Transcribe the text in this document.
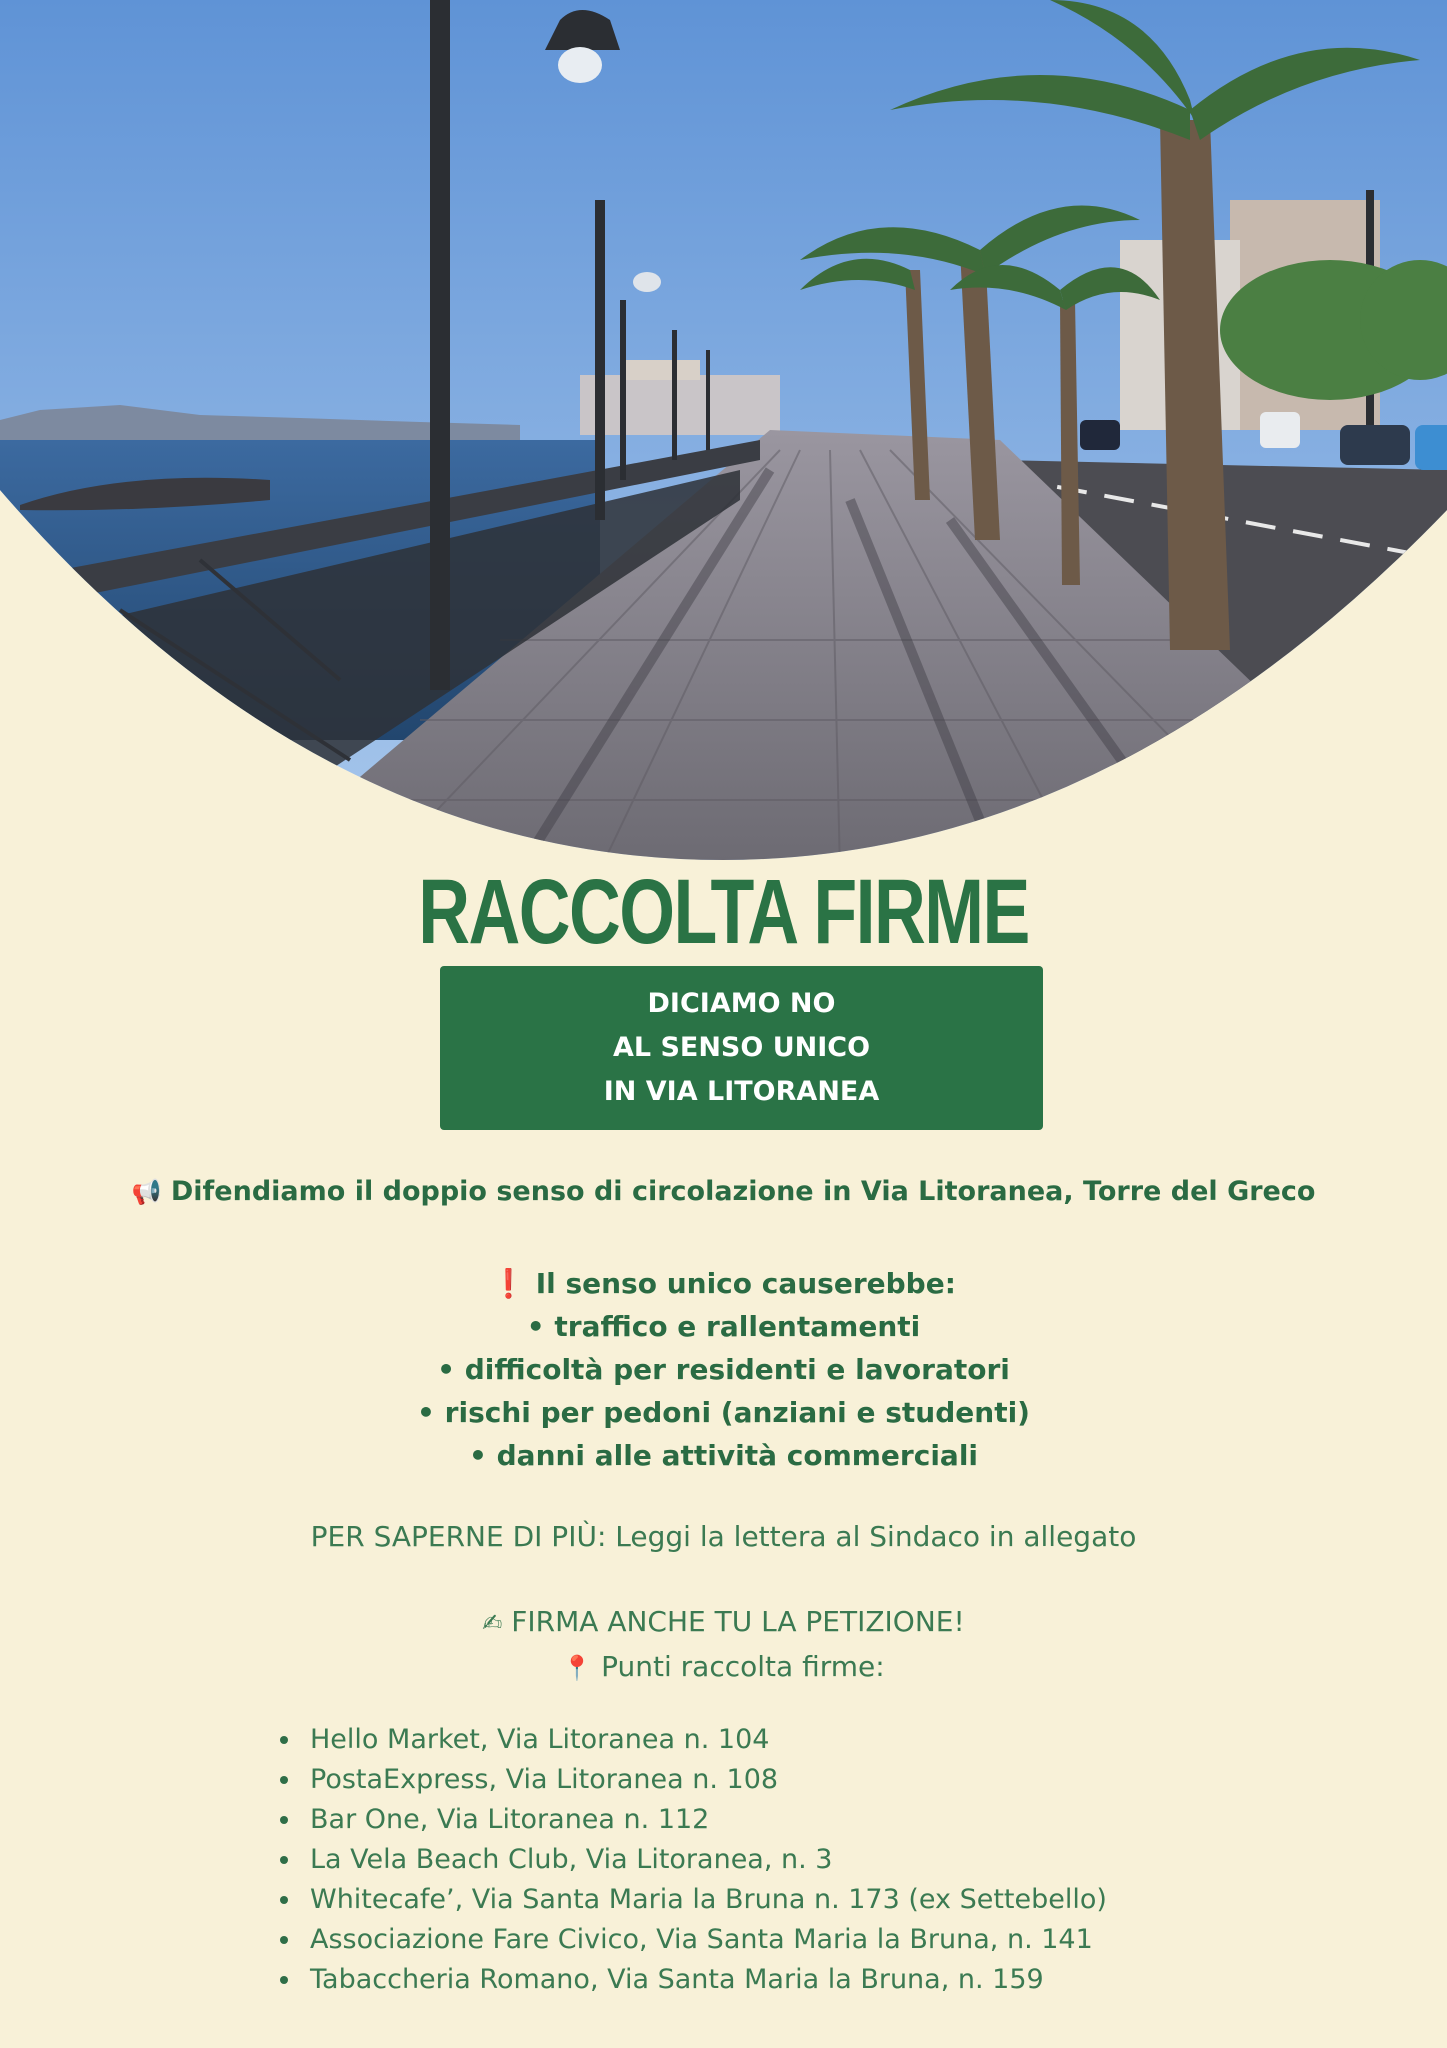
RACCOLTA FIRME
DICIAMO NO
AL SENSO UNICO
IN VIA LITORANEA
📢 Difendiamo il doppio senso di circolazione in Via Litoranea, Torre del Greco
❗ Il senso unico causerebbe:
• traffico e rallentamenti
• difficoltà per residenti e lavoratori
• rischi per pedoni (anziani e studenti)
• danni alle attività commerciali
PER SAPERNE DI PIÙ: Leggi la lettera al Sindaco in allegato
✍ FIRMA ANCHE TU LA PETIZIONE!
📍 Punti raccolta firme:
Hello Market, Via Litoranea n. 104
PostaExpress, Via Litoranea n. 108
Bar One, Via Litoranea n. 112
La Vela Beach Club, Via Litoranea, n. 3
Whitecafe’, Via Santa Maria la Bruna n. 173 (ex Settebello)
Associazione Fare Civico, Via Santa Maria la Bruna, n. 141
Tabaccheria Romano, Via Santa Maria la Bruna, n. 159
